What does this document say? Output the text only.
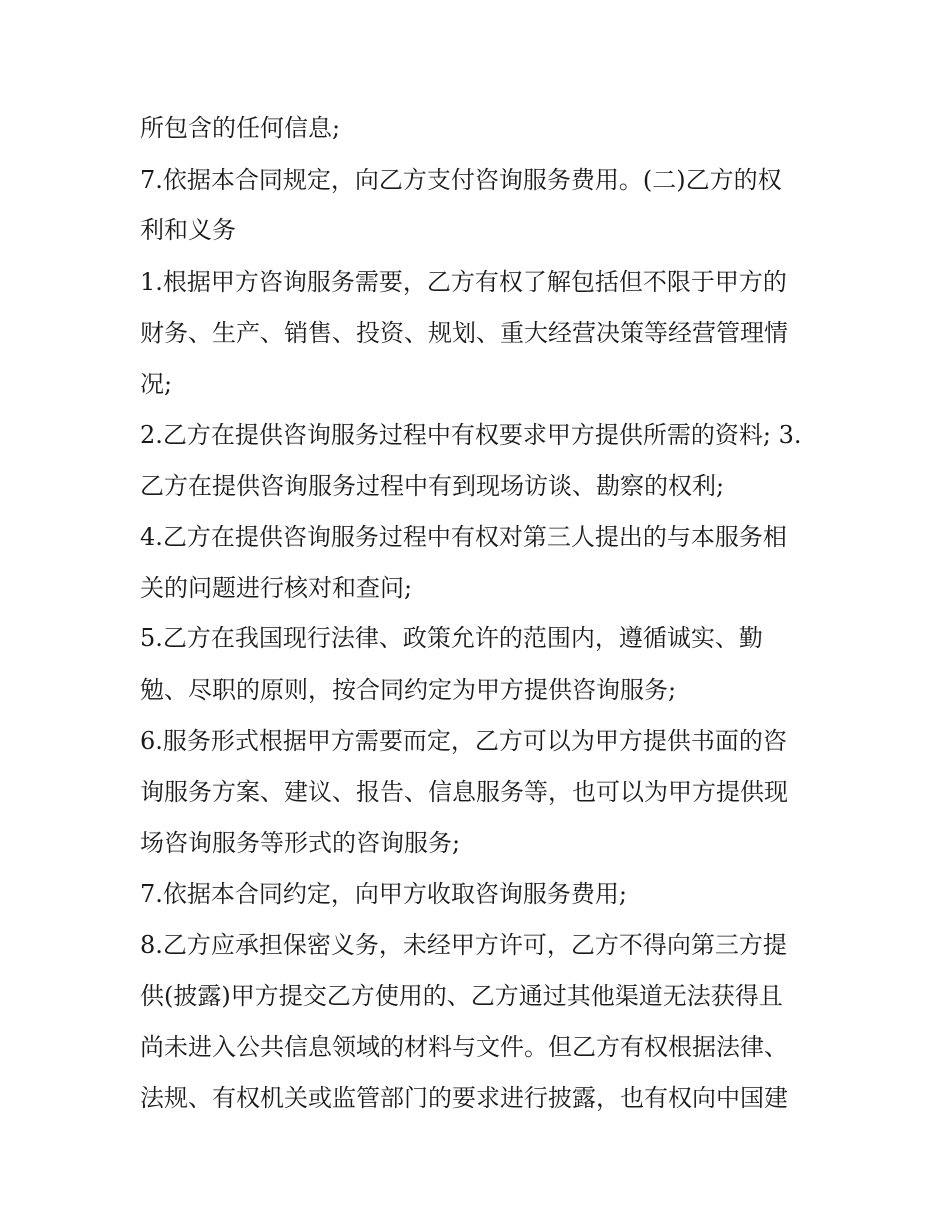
所包含的任何信息;
7.依据本合同规定，向乙方支付咨询服务费用。(二)乙方的权
利和义务
1.根据甲方咨询服务需要，乙方有权了解包括但不限于甲方的
财务、生产、销售、投资、规划、重大经营决策等经营管理情
况;
2.乙方在提供咨询服务过程中有权要求甲方提供所需的资料; 3.
乙方在提供咨询服务过程中有到现场访谈、勘察的权利;
4.乙方在提供咨询服务过程中有权对第三人提出的与本服务相
关的问题进行核对和查问;
5.乙方在我国现行法律、政策允许的范围内，遵循诚实、勤
勉、尽职的原则，按合同约定为甲方提供咨询服务;
6.服务形式根据甲方需要而定，乙方可以为甲方提供书面的咨
询服务方案、建议、报告、信息服务等，也可以为甲方提供现
场咨询服务等形式的咨询服务;
7.依据本合同约定，向甲方收取咨询服务费用;
8.乙方应承担保密义务，未经甲方许可，乙方不得向第三方提
供(披露)甲方提交乙方使用的、乙方通过其他渠道无法获得且
尚未进入公共信息领域的材料与文件。但乙方有权根据法律、
法规、有权机关或监管部门的要求进行披露，也有权向中国建
